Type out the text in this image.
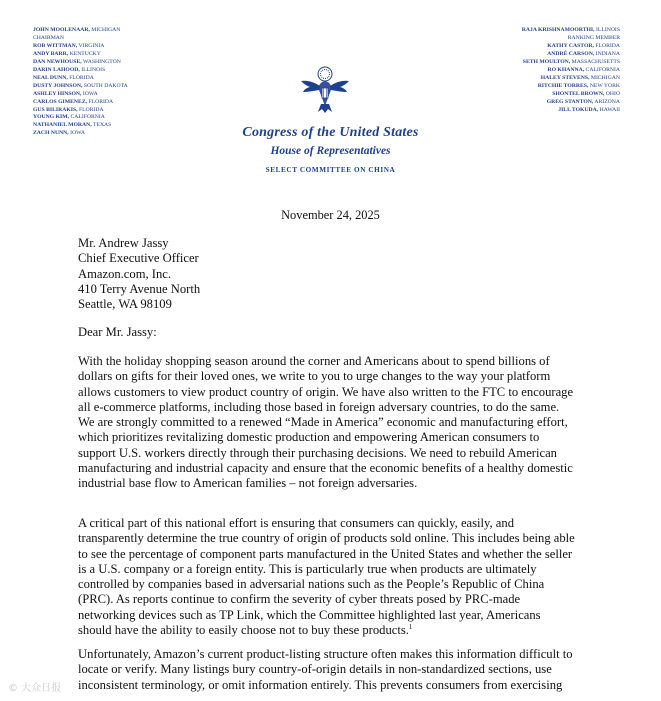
JOHN MOOLENAAR, MICHIGAN
CHAIRMAN
ROB WITTMAN, VIRGINIA
ANDY BARR, KENTUCKY
DAN NEWHOUSE, WASHINGTON
DARIN LAHOOD, ILLINOIS
NEAL DUNN, FLORIDA
DUSTY JOHNSON, SOUTH DAKOTA
ASHLEY HINSON, IOWA
CARLOS GIMENEZ, FLORIDA
GUS BILIRAKIS, FLORIDA
YOUNG KIM, CALIFORNIA
NATHANIEL MORAN, TEXAS
ZACH NUNN, IOWA
RAJA KRISHNAMOORTHI, ILLINOIS
RANKING MEMBER
KATHY CASTOR, FLORIDA
ANDRÉ CARSON, INDIANA
SETH MOULTON, MASSACHUSETTS
RO KHANNA, CALIFORNIA
HALEY STEVENS, MICHIGAN
RITCHIE TORRES, NEW YORK
SHONTEL BROWN, OHIO
GREG STANTON, ARIZONA
JILL TOKUDA, HAWAII
Congress of the United States
House of Representatives
SELECT COMMITTEE ON CHINA
November 24, 2025
Mr. Andrew Jassy
Chief Executive Officer
Amazon.com, Inc.
410 Terry Avenue North
Seattle, WA 98109
Dear Mr. Jassy:
With the holiday shopping season around the corner and Americans about to spend billions of dollars on gifts for their loved ones, we write to you to urge changes to the way your platform allows customers to view product country of origin. We have also written to the FTC to encourage all e-commerce platforms, including those based in foreign adversary countries, to do the same. We are strongly committed to a renewed “Made in America” economic and manufacturing effort, which prioritizes revitalizing domestic production and empowering American consumers to support U.S. workers directly through their purchasing decisions. We need to rebuild American manufacturing and industrial capacity and ensure that the economic benefits of a healthy domestic industrial base flow to American families – not foreign adversaries.
A critical part of this national effort is ensuring that consumers can quickly, easily, and transparently determine the true country of origin of products sold online. This includes being able to see the percentage of component parts manufactured in the United States and whether the seller is a U.S. company or a foreign entity. This is particularly true when products are ultimately controlled by companies based in adversarial nations such as the People’s Republic of China (PRC). As reports continue to confirm the severity of cyber threats posed by PRC-made networking devices such as TP Link, which the Committee highlighted last year, Americans should have the ability to easily choose not to buy these products.$^1$
Unfortunately, Amazon’s current product-listing structure often makes this information difficult to locate or verify. Many listings bury country-of-origin details in non-standardized sections, use inconsistent terminology, or omit information entirely. This prevents consumers from exercising
© 大众日报
